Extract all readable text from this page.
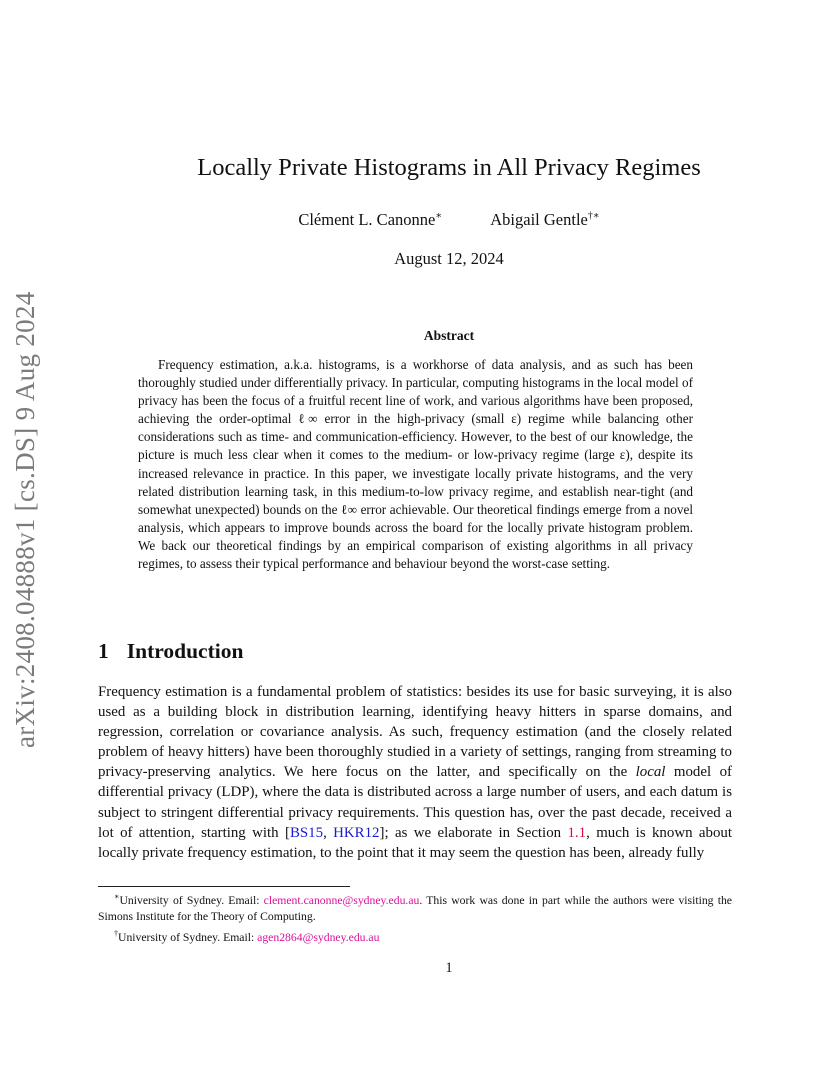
arXiv:2408.04888v1 [cs.DS] 9 Aug 2024
Locally Private Histograms in All Privacy Regimes
Clément L. Canonne∗	Abigail Gentle†∗
August 12, 2024
Abstract

Frequency estimation, a.k.a. histograms, is a workhorse of data analysis, and as such has been thoroughly studied under differentially privacy. In particular, computing histograms in the local model of privacy has been the focus of a fruitful recent line of work, and various algorithms have been proposed, achieving the order-optimal ℓ∞ error in the high-privacy (small ε) regime while balancing other considerations such as time- and communication-efficiency. However, to the best of our knowledge, the picture is much less clear when it comes to the medium- or low-privacy regime (large ε), despite its increased relevance in practice. In this paper, we investigate locally private histograms, and the very related distribution learning task, in this medium-to-low privacy regime, and establish near-tight (and somewhat unexpected) bounds on the ℓ∞ error achievable. Our theoretical findings emerge from a novel analysis, which appears to improve bounds across the board for the locally private histogram problem. We back our theoretical findings by an empirical comparison of existing algorithms in all privacy regimes, to assess their typical performance and behaviour beyond the worst-case setting.

1 Introduction

Frequency estimation is a fundamental problem of statistics: besides its use for basic surveying, it is also used as a building block in distribution learning, identifying heavy hitters in sparse domains, and regression, correlation or covariance analysis. As such, frequency estimation (and the closely related problem of heavy hitters) have been thoroughly studied in a variety of settings, ranging from streaming to privacy-preserving analytics. We here focus on the latter, and specifically on the local model of differential privacy (LDP), where the data is distributed across a large number of users, and each datum is subject to stringent differential privacy requirements. This question has, over the past decade, received a lot of attention, starting with [BS15, HKR12]; as we elaborate in Section 1.1, much is known about locally private frequency estimation, to the point that it may seem the question has been, already fully

∗University of Sydney. Email: clement.canonne@sydney.edu.au. This work was done in part while the authors were visiting the Simons Institute for the Theory of Computing.

†University of Sydney. Email: agen2864@sydney.edu.au

1
